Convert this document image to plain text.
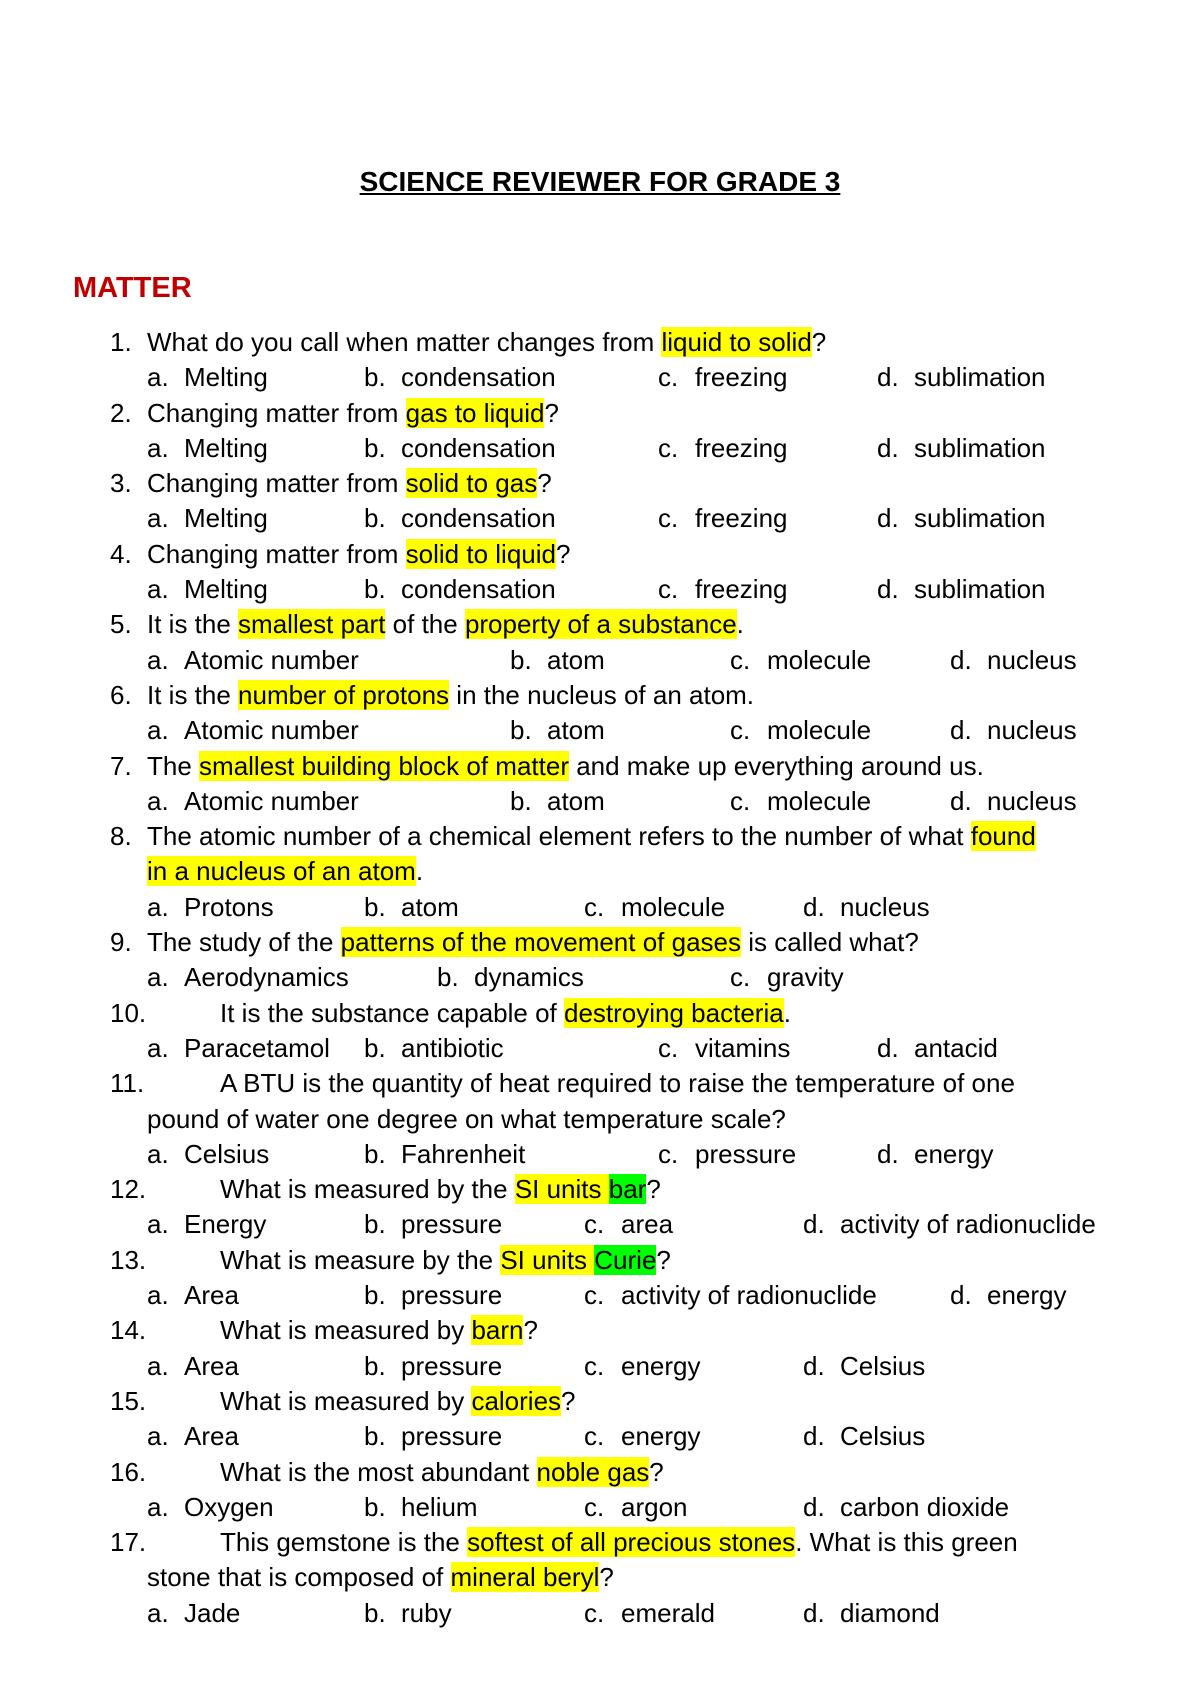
SCIENCE REVIEWER FOR GRADE 3
MATTER
1. What do you call when matter changes from liquid to solid?
a. Melting	b. condensation	c. freezing	d. sublimation
2. Changing matter from gas to liquid?
a. Melting	b. condensation	c. freezing	d. sublimation
3. Changing matter from solid to gas?
a. Melting	b. condensation	c. freezing	d. sublimation
4. Changing matter from solid to liquid?
a. Melting	b. condensation	c. freezing	d. sublimation
5. It is the smallest part of the property of a substance.
a. Atomic number	b. atom	c. molecule	d. nucleus
6. It is the number of protons in the nucleus of an atom.
a. Atomic number	b. atom	c. molecule	d. nucleus
7. The smallest building block of matter and make up everything around us.
a. Atomic number	b. atom	c. molecule	d. nucleus
8. The atomic number of a chemical element refers to the number of what found
in a nucleus of an atom.
a. Protons	b. atom	c. molecule	d. nucleus
9. The study of the patterns of the movement of gases is called what?
a. Aerodynamics	b. dynamics	c. gravity
10.	It is the substance capable of destroying bacteria.
a. Paracetamol b. antibiotic	c. vitamins	d. antacid
11.	A BTU is the quantity of heat required to raise the temperature of one
pound of water one degree on what temperature scale?
a. Celsius	b. Fahrenheit	c. pressure	d. energy
12.	What is measured by the SI units bar?
a. Energy	b. pressure	c. area	d. activity of radionuclide
13.	What is measure by the SI units Curie?
a. Area	b. pressure	c. activity of radionuclide	d. energy
14.	What is measured by barn?
a. Area	b. pressure	c. energy	d. Celsius
15.	What is measured by calories?
a. Area	b. pressure	c. energy	d. Celsius
16.	What is the most abundant noble gas?
a. Oxygen	b. helium	c. argon	d. carbon dioxide
17.	This gemstone is the softest of all precious stones. What is this green
stone that is composed of mineral beryl?
a. Jade	b. ruby	c. emerald	d. diamond
